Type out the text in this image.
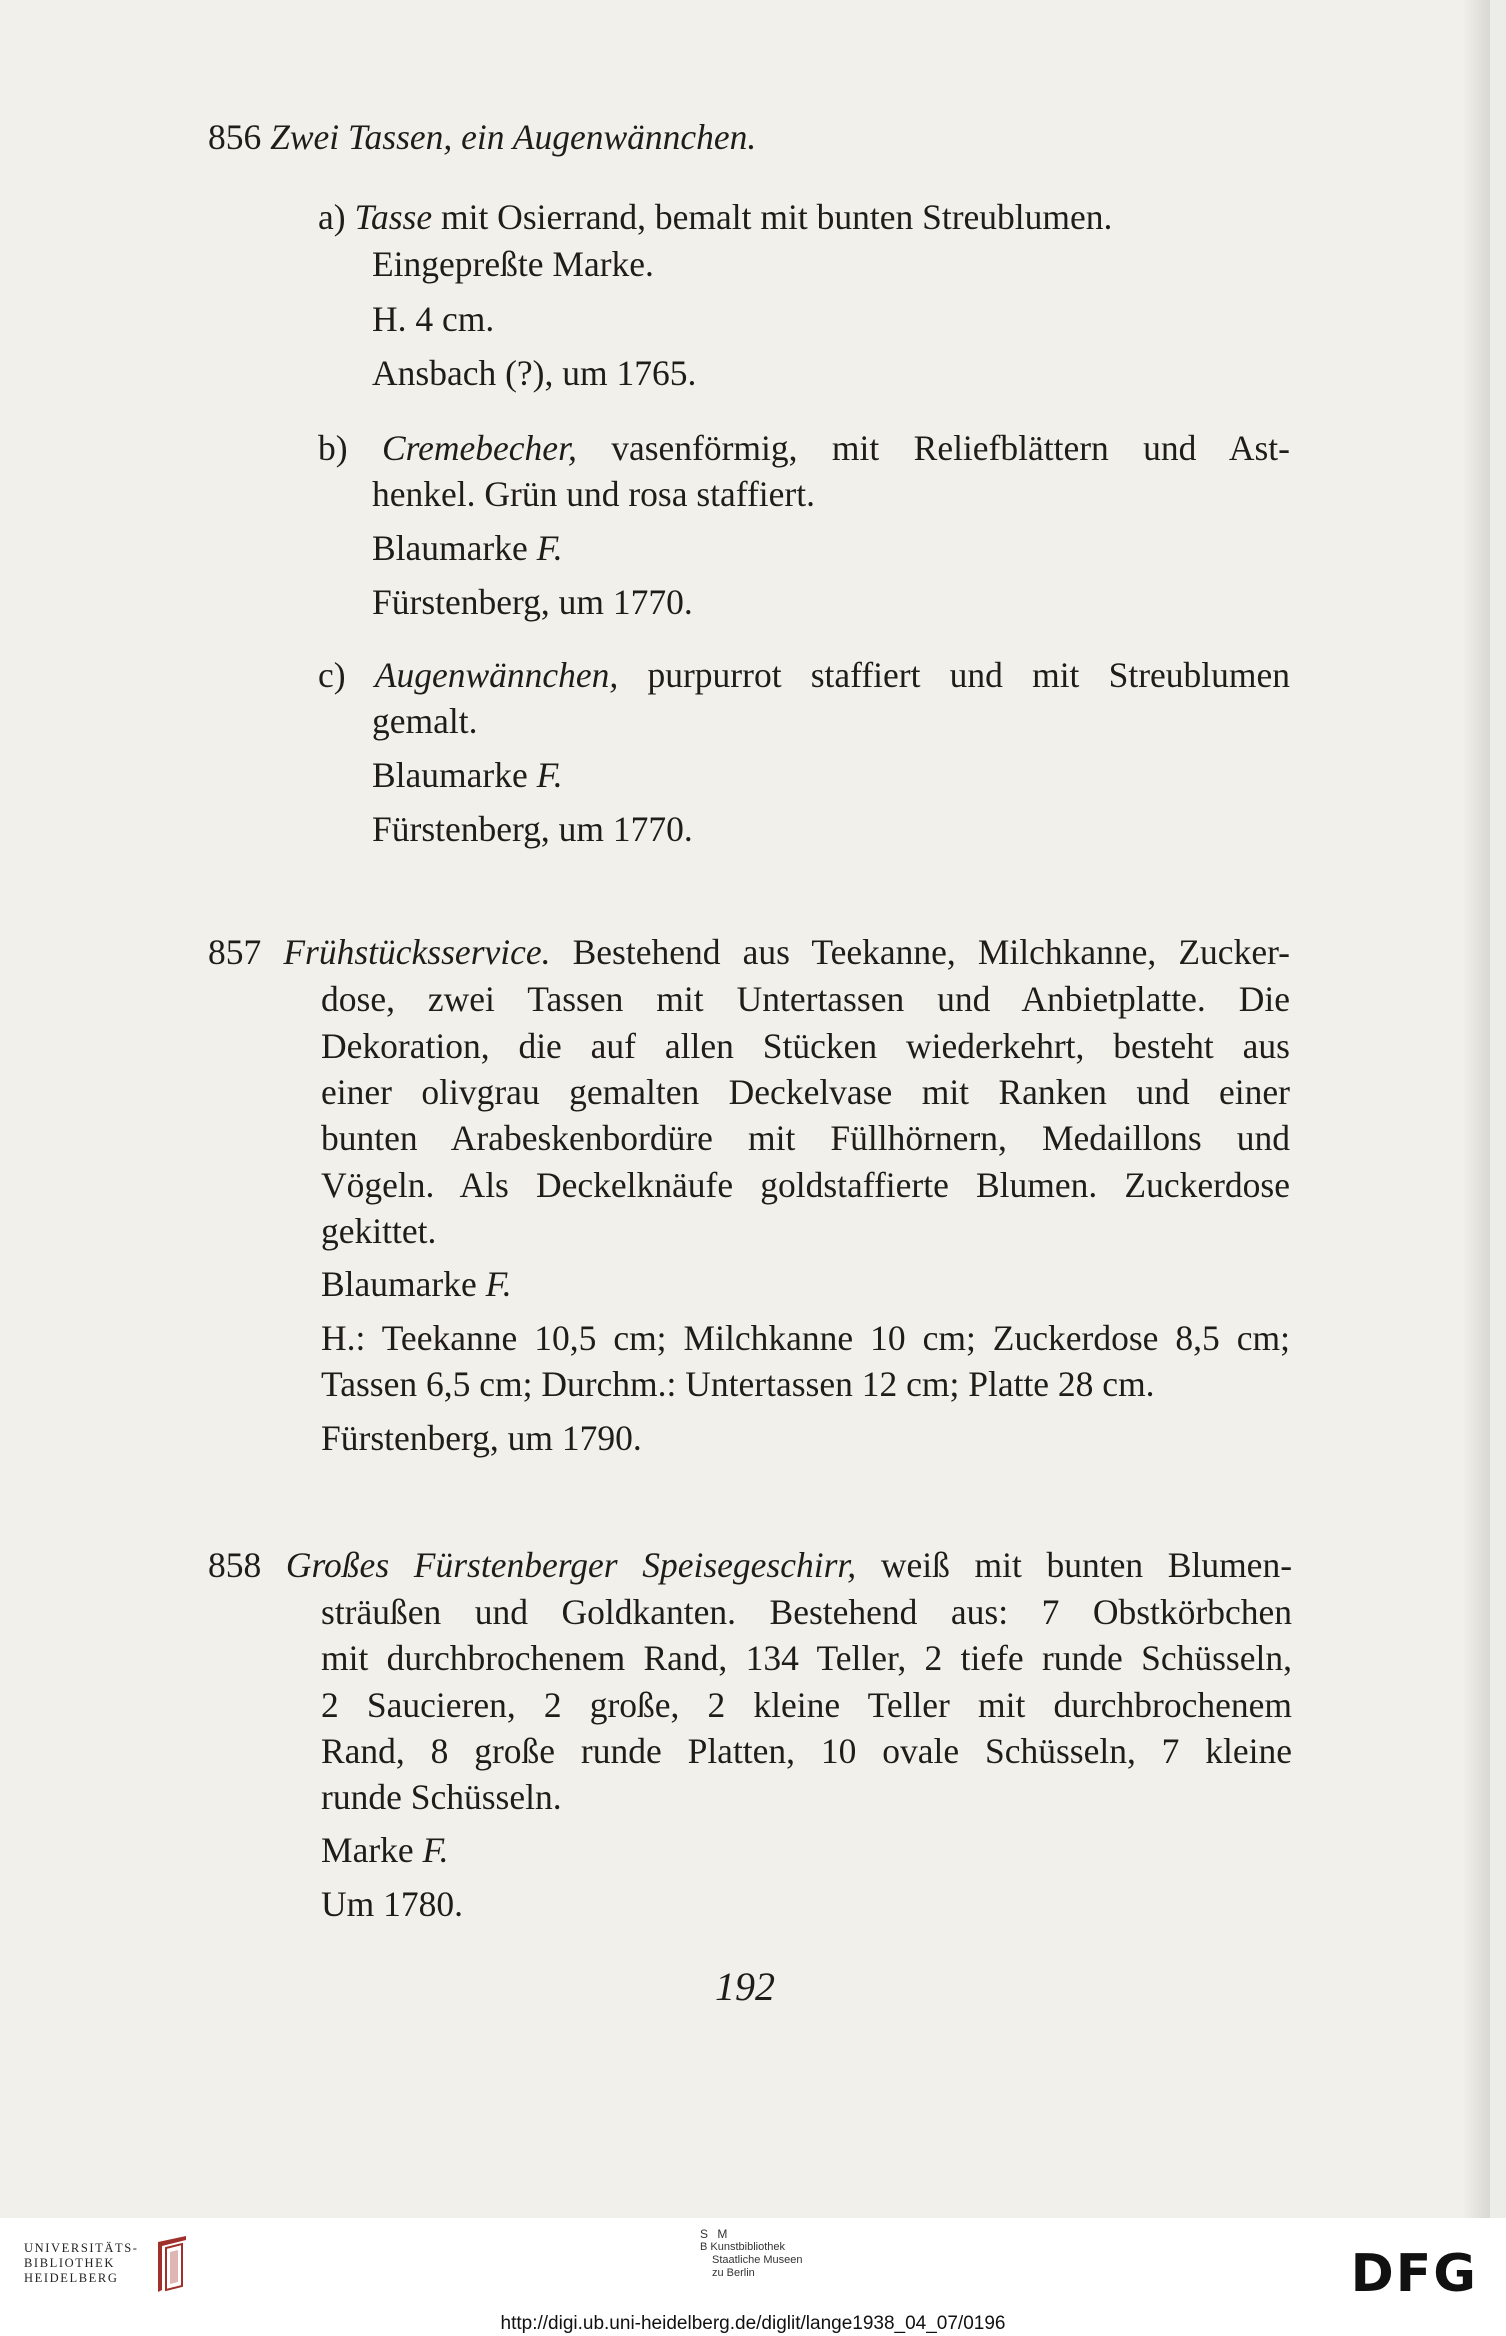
856 Zwei Tassen, ein Augenwännchen.
a) Tasse mit Osierrand, bemalt mit bunten Streublumen.
Eingepreßte Marke.
H. 4 cm.
Ansbach (?), um 1765.
b) Cremebecher, vasenförmig, mit Reliefblättern und Ast-
henkel. Grün und rosa staffiert.
Blaumarke F.
Fürstenberg, um 1770.
c) Augenwännchen, purpurrot staffiert und mit Streublumen
gemalt.
Blaumarke F.
Fürstenberg, um 1770.
857 Frühstücksservice. Bestehend aus Teekanne, Milchkanne, Zucker-
dose, zwei Tassen mit Untertassen und Anbietplatte. Die
Dekoration, die auf allen Stücken wiederkehrt, besteht aus
einer olivgrau gemalten Deckelvase mit Ranken und einer
bunten Arabeskenbordüre mit Füllhörnern, Medaillons und
Vögeln. Als Deckelknäufe goldstaffierte Blumen. Zuckerdose
gekittet.
Blaumarke F.
H.: Teekanne 10,5 cm; Milchkanne 10 cm; Zuckerdose 8,5 cm;
Tassen 6,5 cm; Durchm.: Untertassen 12 cm; Platte 28 cm.
Fürstenberg, um 1790.
858 Großes Fürstenberger Speisegeschirr, weiß mit bunten Blumen-
sträußen und Goldkanten. Bestehend aus: 7 Obstkörbchen
mit durchbrochenem Rand, 134 Teller, 2 tiefe runde Schüsseln,
2 Saucieren, 2 große, 2 kleine Teller mit durchbrochenem
Rand, 8 große runde Platten, 10 ovale Schüsseln, 7 kleine
runde Schüsseln.
Marke F.
Um 1780.
192
UNIVERSITÄTS-
BIBLIOTHEK
HEIDELBERG
S M
B Kunstbibliothek
Staatliche Museen
zu Berlin	DFG
http://digi.ub.uni-heidelberg.de/diglit/lange1938_04_07/0196
